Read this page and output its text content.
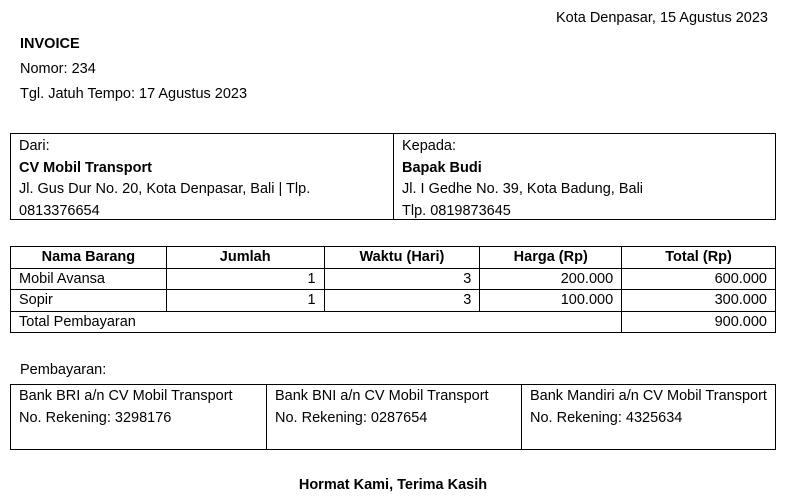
Kota Denpasar, 15 Agustus 2023
INVOICE
Nomor: 234
Tgl. Jatuh Tempo: 17 Agustus 2023
Dari:
CV Mobil Transport
Jl. Gus Dur No. 20, Kota Denpasar, Bali | Tlp. 0813376654
Kepada:
Bapak Budi
Jl. I Gedhe No. 39, Kota Badung, Bali
Tlp. 0819873645
Nama Barang	Jumlah	Waktu (Hari)	Harga (Rp)	Total (Rp)
Mobil Avansa	1	3	200.000	600.000
Sopir	1	3	100.000	300.000
Total Pembayaran				900.000
Pembayaran:
Bank BRI a/n CV Mobil Transport
No. Rekening: 3298176
Bank BNI a/n CV Mobil Transport
No. Rekening: 0287654
Bank Mandiri a/n CV Mobil Transport
No. Rekening: 4325634
Hormat Kami, Terima Kasih
